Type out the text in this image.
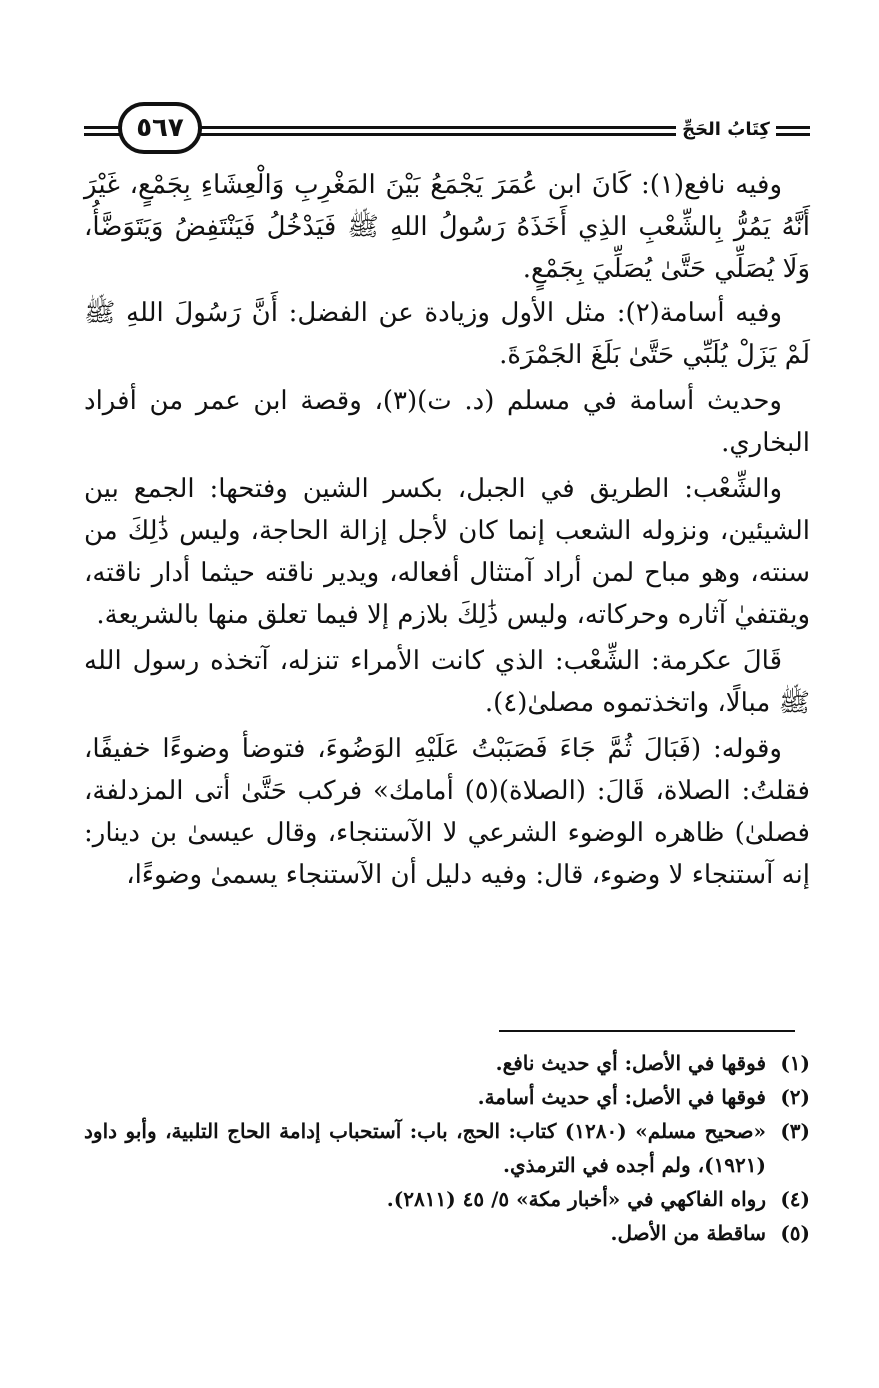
٥٦٧	كِتَابُ الحَجِّ

وفيه نافع(١): كَانَ ابن عُمَرَ يَجْمَعُ بَيْنَ المَغْرِبِ وَالْعِشَاءِ بِجَمْعٍ، غَيْرَ أَنَّهُ يَمُرُّ بِالشِّعْبِ الذِي أَخَذَهُ رَسُولُ اللهِ ﷺ فَيَدْخُلُ فَيَنْتَفِضُ وَيَتَوَضَّأُ، وَلَا يُصَلِّي حَتَّىٰ يُصَلِّيَ بِجَمْعٍ.

وفيه أسامة(٢): مثل الأول وزيادة عن الفضل: أَنَّ رَسُولَ اللهِ ﷺ لَمْ يَزَلْ يُلَبِّي حَتَّىٰ بَلَغَ الجَمْرَةَ.

وحديث أسامة في مسلم (د. ت)(٣)، وقصة ابن عمر من أفراد البخاري.

والشِّعْب: الطريق في الجبل، بكسر الشين وفتحها: الجمع بين الشيئين، ونزوله الشعب إنما كان لأجل إزالة الحاجة، وليس ذَٰلِكَ من سنته، وهو مباح لمن أراد آمتثال أفعاله، ويدير ناقته حيثما أدار ناقته، ويقتفيٰ آثاره وحركاته، وليس ذَٰلِكَ بلازم إلا فيما تعلق منها بالشريعة.

قَالَ عكرمة: الشِّعْب: الذي كانت الأمراء تنزله، آتخذه رسول الله ﷺ مبالًا، واتخذتموه مصلىٰ(٤).

وقوله: (فَبَالَ ثُمَّ جَاءَ فَصَبَبْتُ عَلَيْهِ الوَضُوءَ، فتوضأ وضوءًا خفيفًا، فقلتُ: الصلاة، قَالَ: (الصلاة)(٥) أمامك» فركب حَتَّىٰ أتى المزدلفة، فصلىٰ) ظاهره الوضوء الشرعي لا الآستنجاء، وقال عيسىٰ بن دينار: إنه آستنجاء لا وضوء، قال: وفيه دليل أن الآستنجاء يسمىٰ وضوءًا،

(١)
فوقها في الأصل: أي حديث نافع.
(٢)
فوقها في الأصل: أي حديث أسامة.
(٣)
«صحيح مسلم» (١٢٨٠) كتاب: الحج، باب: آستحباب إدامة الحاج التلبية، وأبو داود (١٩٢١)، ولم أجده في الترمذي.
(٤)
رواه الفاكهي في «أخبار مكة» ٥/ ٤٥ (٢٨١١).
(٥)
ساقطة من الأصل.
